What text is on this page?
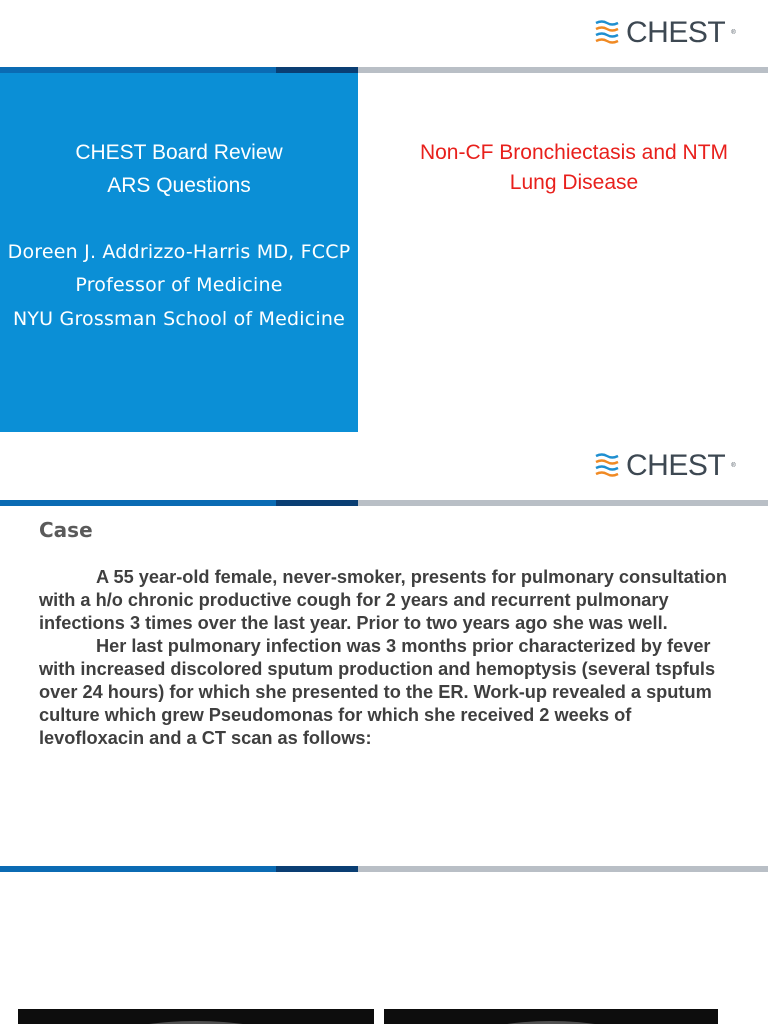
CHEST ®
CHEST Board Review
ARS Questions
Doreen J. Addrizzo-Harris MD, FCCP
Professor of Medicine
NYU Grossman School of Medicine
Non-CF Bronchiectasis and NTM
Lung Disease
CHEST ®
Case

A 55 year-old female, never-smoker, presents for pulmonary consultation with a h/o chronic productive cough for 2 years and recurrent pulmonary infections 3 times over the last year. Prior to two years ago she was well.

Her last pulmonary infection was 3 months prior characterized by fever with increased discolored sputum production and hemoptysis (several tspfuls over 24 hours) for which she presented to the ER. Work-up revealed a sputum culture which grew Pseudomonas for which she received 2 weeks of levofloxacin and a CT scan as follows:
